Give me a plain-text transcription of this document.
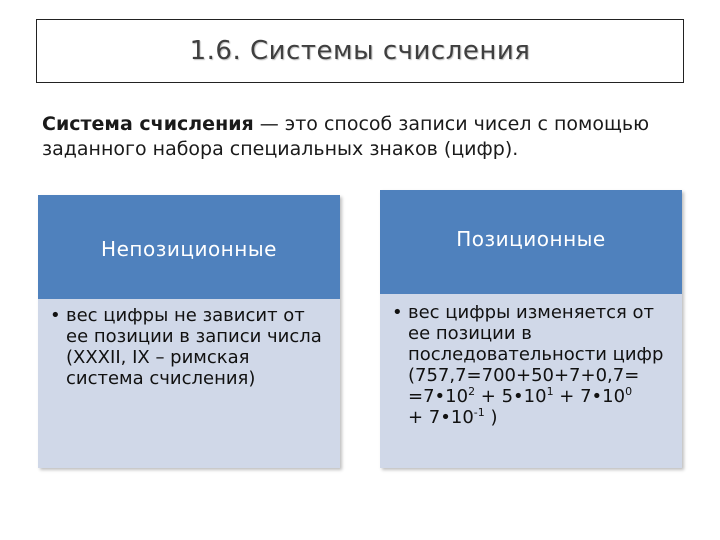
1.6. Системы счисления
Система счисления — это способ записи чисел с помощью заданного набора специальных знаков (цифр).
Непозиционные
• вес цифры не зависит от ее позиции в записи числа (XXXII, IX – римская система счисления)
Позиционные
• вес цифры изменяется от ее позиции в последовательности цифр (757,7=700+50+7+0,7=
$=7•10^2$ + $5•10^1$ + $7•10^0$
+ $7•10^{-1}$ )
